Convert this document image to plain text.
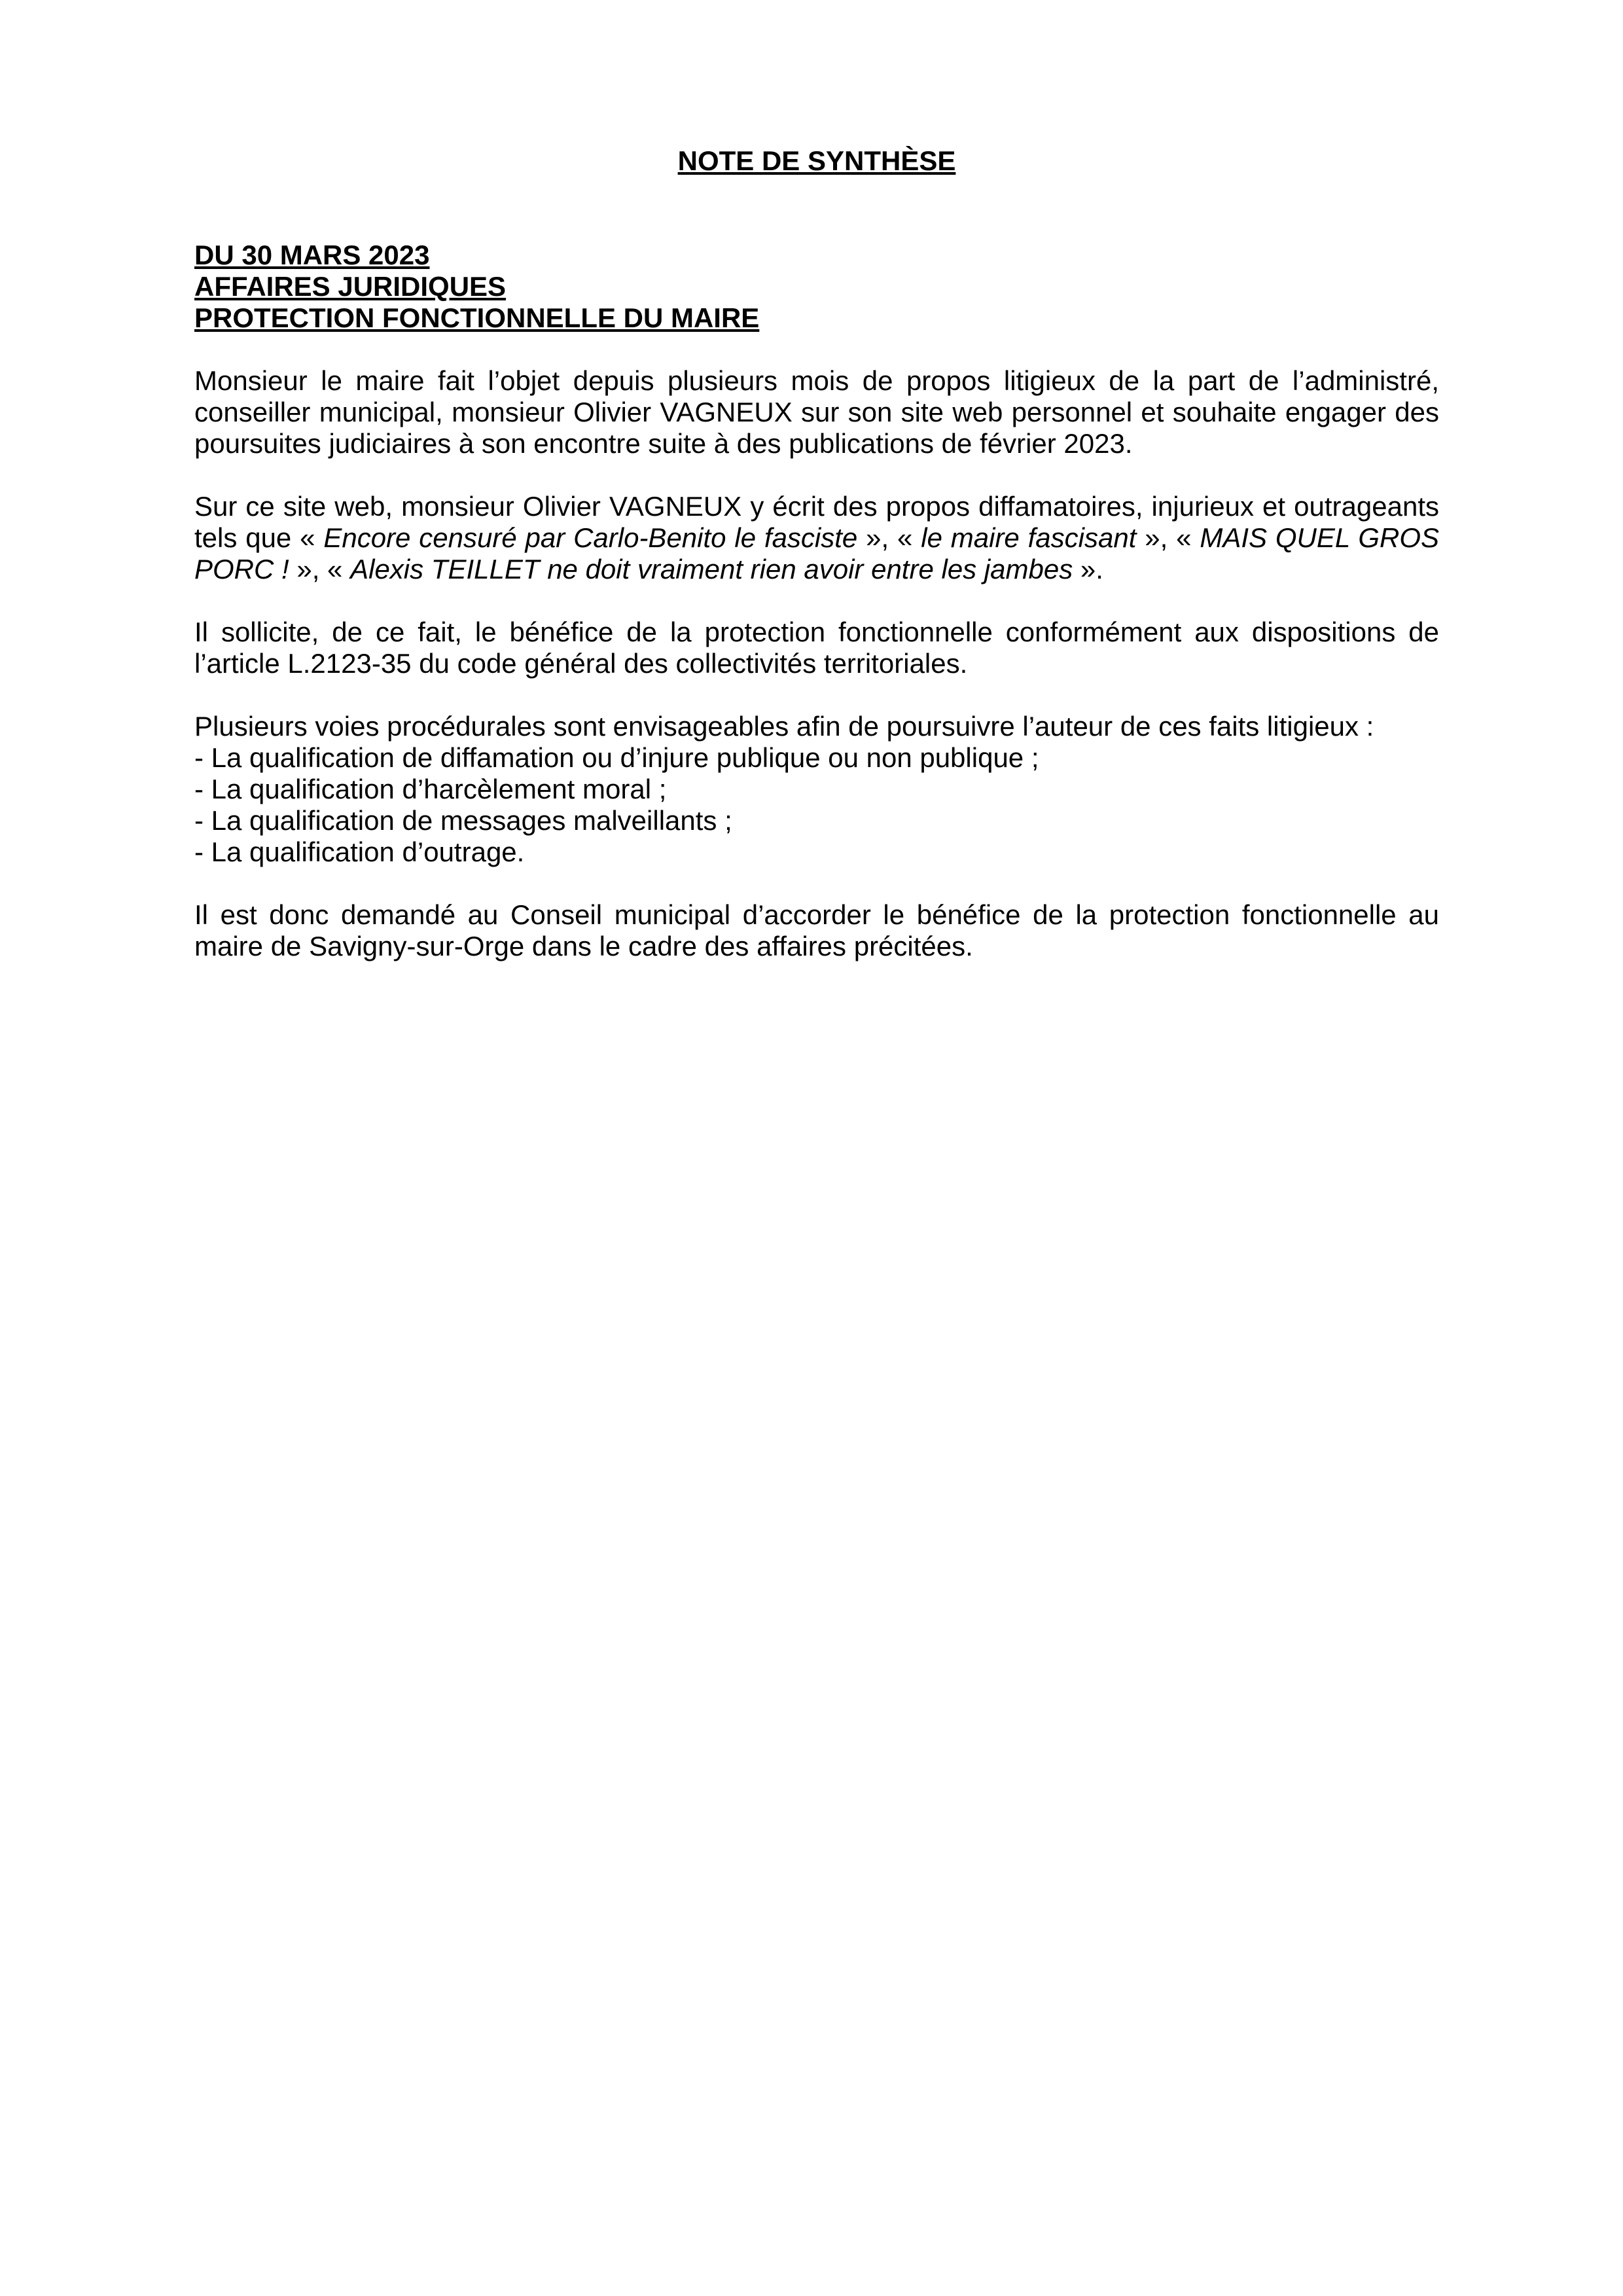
NOTE DE SYNTHÈSE

DU 30 MARS 2023

AFFAIRES JURIDIQUES

PROTECTION FONCTIONNELLE DU MAIRE

Monsieur le maire fait l’objet depuis plusieurs mois de propos litigieux de la part de l’administré, conseiller municipal, monsieur Olivier VAGNEUX sur son site web personnel et souhaite engager des poursuites judiciaires à son encontre suite à des publications de février 2023.

Sur ce site web, monsieur Olivier VAGNEUX y écrit des propos diffamatoires, injurieux et outrageants tels que « Encore censuré par Carlo-Benito le fasciste », « le maire fascisant », « MAIS QUEL GROS PORC ! », « Alexis TEILLET ne doit vraiment rien avoir entre les jambes ».

Il sollicite, de ce fait, le bénéfice de la protection fonctionnelle conformément aux dispositions de l’article L.2123-35 du code général des collectivités territoriales.

Plusieurs voies procédurales sont envisageables afin de poursuivre l’auteur de ces faits litigieux :

- La qualification de diffamation ou d’injure publique ou non publique ;

- La qualification d’harcèlement moral ;

- La qualification de messages malveillants ;

- La qualification d’outrage.

Il est donc demandé au Conseil municipal d’accorder le bénéfice de la protection fonctionnelle au maire de Savigny-sur-Orge dans le cadre des affaires précitées.
